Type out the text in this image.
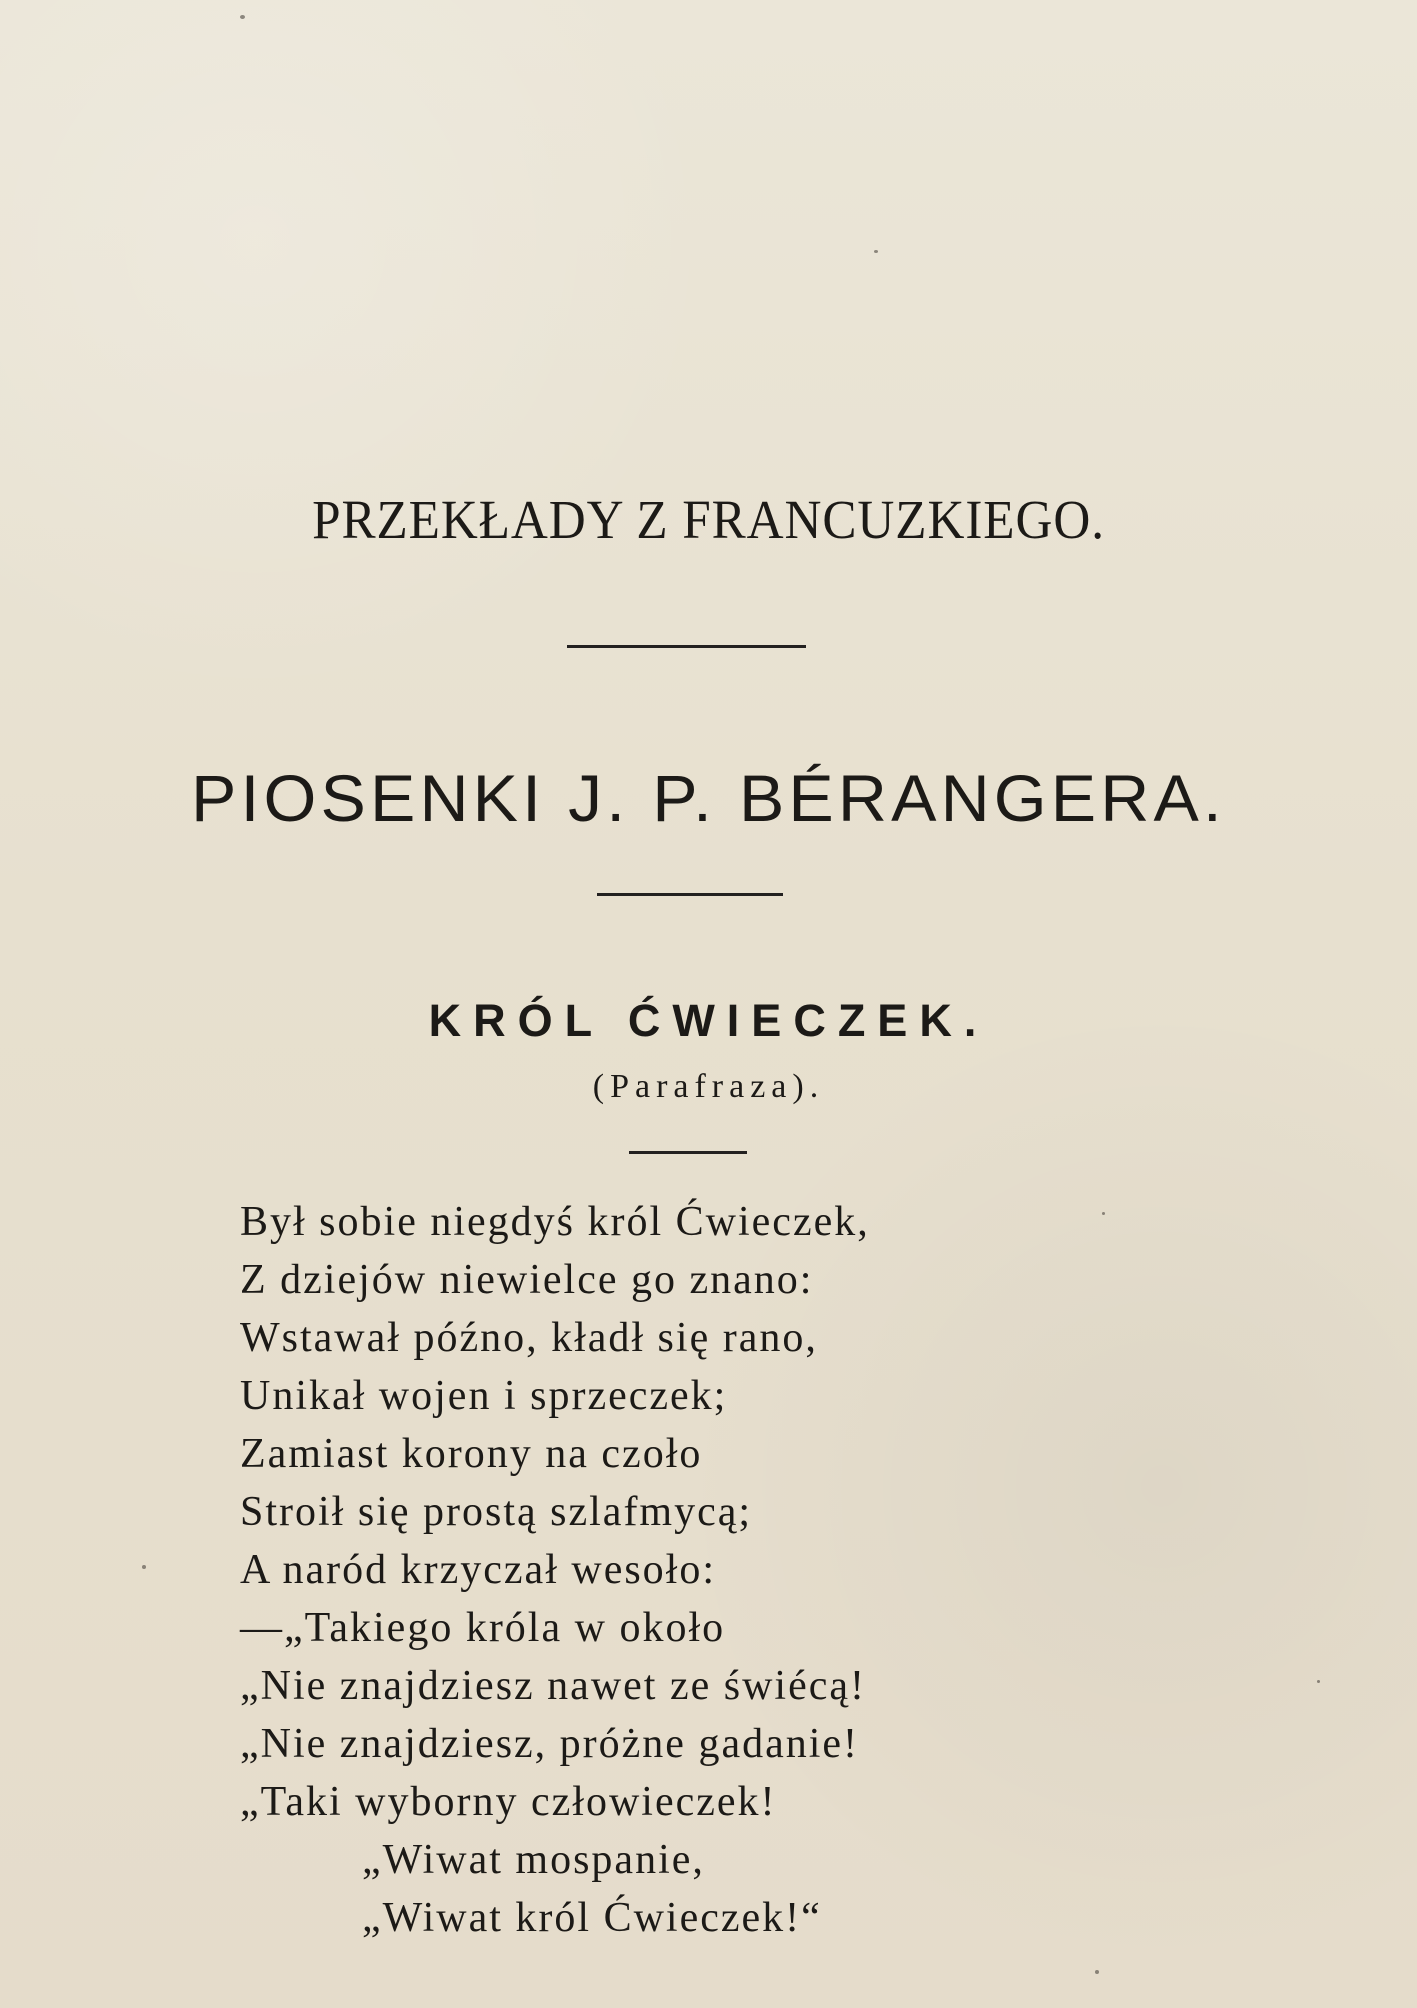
PRZEKŁADY Z FRANCUZKIEGO.
PIOSENKI J. P. BÉRANGERA.
KRÓL ĆWIECZEK.
(Parafraza).
Był sobie niegdyś król Ćwieczek,
Z dziejów niewielce go znano:
Wstawał późno, kładł się rano,
Unikał wojen i sprzeczek;
Zamiast korony na czoło
Stroił się prostą szlafmycą;
A naród krzyczał wesoło:
—„Takiego króla w około
„Nie znajdziesz nawet ze świécą!
„Nie znajdziesz, próżne gadanie!
„Taki wyborny człowieczek!
„Wiwat mospanie,
„Wiwat król Ćwieczek!“
